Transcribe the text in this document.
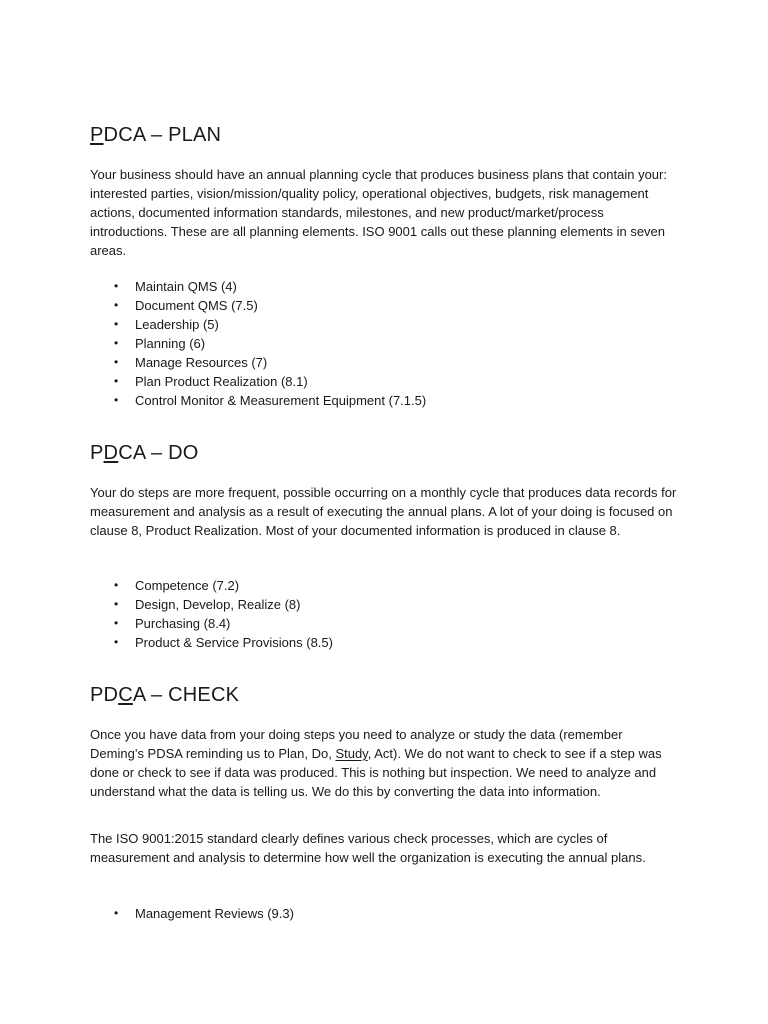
PDCA – PLAN

Your business should have an annual planning cycle that produces business plans that contain your: interested parties, vision/mission/quality policy, operational objectives, budgets, risk management actions, documented information standards, milestones, and new product/market/process introductions. These are all planning elements. ISO 9001 calls out these planning elements in seven areas.

• Maintain QMS (4)
• Document QMS (7.5)
• Leadership (5)
• Planning (6)
• Manage Resources (7)
• Plan Product Realization (8.1)
• Control Monitor & Measurement Equipment (7.1.5)
PDCA – DO

Your do steps are more frequent, possible occurring on a monthly cycle that produces data records for measurement and analysis as a result of executing the annual plans. A lot of your doing is focused on clause 8, Product Realization. Most of your documented information is produced in clause 8.

• Competence (7.2)
• Design, Develop, Realize (8)
• Purchasing (8.4)
• Product & Service Provisions (8.5)
PDCA – CHECK

Once you have data from your doing steps you need to analyze or study the data (remember Deming’s PDSA reminding us to Plan, Do, Study, Act). We do not want to check to see if a step was done or check to see if data was produced. This is nothing but inspection. We need to analyze and understand what the data is telling us. We do this by converting the data into information.

The ISO 9001:2015 standard clearly defines various check processes, which are cycles of measurement and analysis to determine how well the organization is executing the annual plans.

• Management Reviews (9.3)
